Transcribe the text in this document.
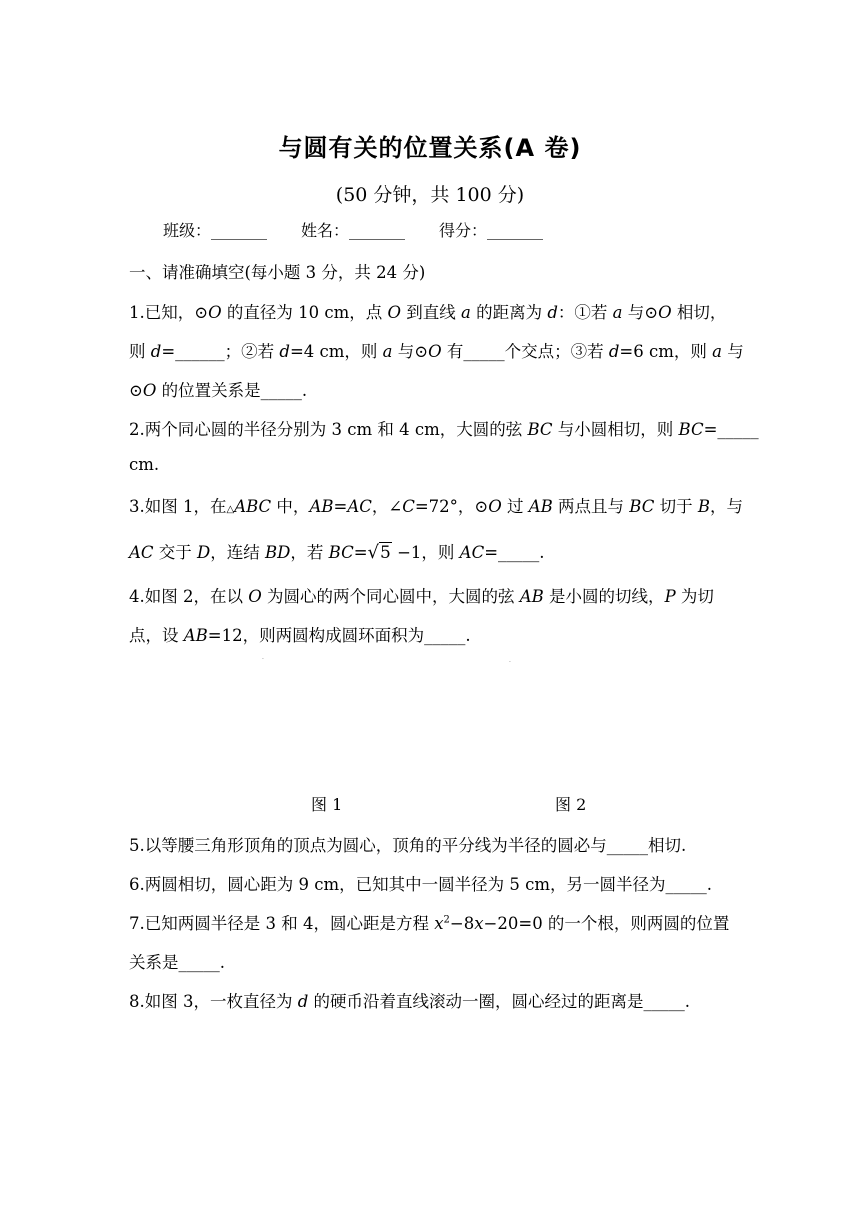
与圆有关的位置关系(A 卷)
(50 分钟，共 100 分)
班级：_______ 姓名：_______ 得分：_______
一、请准确填空(每小题 3 分，共 24 分)
1.已知，⊙O 的直径为 10 cm，点 O 到直线 a 的距离为 d：①若 a 与⊙O 相切，
则 d=______；②若 d=4 cm，则 a 与⊙O 有_____个交点；③若 d=6 cm，则 a 与
⊙O 的位置关系是_____.
2.两个同心圆的半径分别为 3 cm 和 4 cm，大圆的弦 BC 与小圆相切，则 BC=_____
cm.
3.如图 1，在△ABC 中，AB=AC，∠C=72°，⊙O 过 AB 两点且与 BC 切于 B，与
AC 交于 D，连结 BD，若 BC=√5 −1，则 AC=_____.
4.如图 2，在以 O 为圆心的两个同心圆中，大圆的弦 AB 是小圆的切线，P 为切
点，设 AB=12，则两圆构成圆环面积为_____.
·	·
图 1	图 2
5.以等腰三角形顶角的顶点为圆心，顶角的平分线为半径的圆必与_____相切.
6.两圆相切，圆心距为 9 cm，已知其中一圆半径为 5 cm，另一圆半径为_____.
7.已知两圆半径是 3 和 4，圆心距是方程 $x^2-8x-20=0$ 的一个根，则两圆的位置
关系是_____.
8.如图 3，一枚直径为 d 的硬币沿着直线滚动一圈，圆心经过的距离是_____.
